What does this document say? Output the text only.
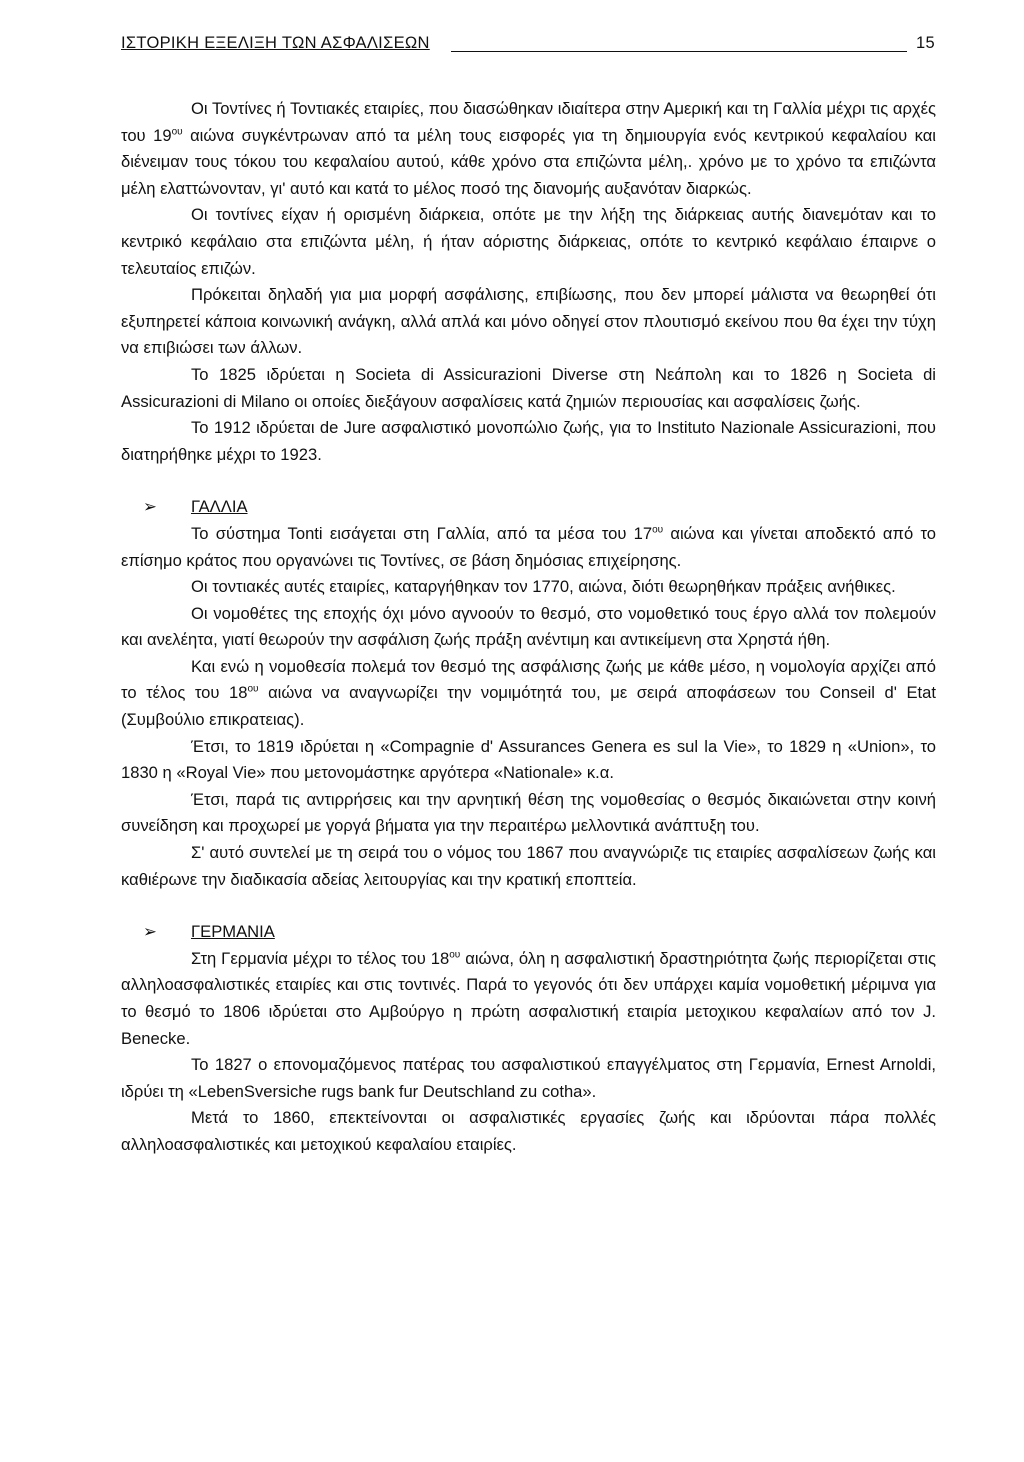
ΙΣΤΟΡΙΚΗ ΕΞΕΛΙΞΗ ΤΩΝ ΑΣΦΑΛΙΣΕΩΝ	15

Οι Τοντίνες ή Τοντιακές εταιρίες, που διασώθηκαν ιδιαίτερα στην Αμερική και τη Γαλλία μέχρι τις αρχές του $19^{o\upsilon}$ αιώνα συγκέντρωναν από τα μέλη τους εισφορές για τη δημιουργία ενός κεντρικού κεφαλαίου και διένειμαν τους τόκου του κεφαλαίου αυτού, κάθε χρόνο στα επιζώντα μέλη,. χρόνο με το χρόνο τα επιζώντα μέλη ελαττώνονταν, γι' αυτό και κατά το μέλος ποσό της διανομής αυξανόταν διαρκώς.

Οι τοντίνες είχαν ή ορισμένη διάρκεια, οπότε με την λήξη της διάρκειας αυτής διανεμόταν και το κεντρικό κεφάλαιο στα επιζώντα μέλη, ή ήταν αόριστης διάρκειας, οπότε το κεντρικό κεφάλαιο έπαιρνε ο τελευταίος επιζών.

Πρόκειται δηλαδή για μια μορφή ασφάλισης, επιβίωσης, που δεν μπορεί μάλιστα να θεωρηθεί ότι εξυπηρετεί κάποια κοινωνική ανάγκη, αλλά απλά και μόνο οδηγεί στον πλουτισμό εκείνου που θα έχει την τύχη να επιβιώσει των άλλων.

Το 1825 ιδρύεται η Societa di Assicurazioni Diverse στη Νεάπολη και το 1826 η Societa di Assicurazioni di Milano οι οποίες διεξάγουν ασφαλίσεις κατά ζημιών περιουσίας και ασφαλίσεις ζωής.

Το 1912 ιδρύεται de Jure ασφαλιστικό μονοπώλιο ζωής, για το Instituto Nazionale Assicurazioni, που διατηρήθηκε μέχρι το 1923.

➢ ΓΑΛΛΙΑ

Το σύστημα Tonti εισάγεται στη Γαλλία, από τα μέσα του $17^{o\upsilon}$ αιώνα και γίνεται αποδεκτό από το επίσημο κράτος που οργανώνει τις Τοντίνες, σε βάση δημόσιας επιχείρησης.

Οι τοντιακές αυτές εταιρίες, καταργήθηκαν τον 1770, αιώνα, διότι θεωρηθήκαν πράξεις ανήθικες.

Οι νομοθέτες της εποχής όχι μόνο αγνοούν το θεσμό, στο νομοθετικό τους έργο αλλά τον πολεμούν και ανελέητα, γιατί θεωρούν την ασφάλιση ζωής πράξη ανέντιμη και αντικείμενη στα Χρηστά ήθη.

Και ενώ η νομοθεσία πολεμά τον θεσμό της ασφάλισης ζωής με κάθε μέσο, η νομολογία αρχίζει από το τέλος του $18^{o\upsilon}$ αιώνα να αναγνωρίζει την νομιμότητά του, με σειρά αποφάσεων του Conseil d' Etat (Συμβούλιο επικρατειας).

Έτσι, το 1819 ιδρύεται η «Compagnie d' Assurances Genera es sul la Vie», το 1829 η «Union», το 1830 η «Royal Vie» που μετονομάστηκε αργότερα «Nationale» κ.α.

Έτσι, παρά τις αντιρρήσεις και την αρνητική θέση της νομοθεσίας ο θεσμός δικαιώνεται στην κοινή συνείδηση και προχωρεί με γοργά βήματα για την περαιτέρω μελλοντικά ανάπτυξη του.

Σ' αυτό συντελεί με τη σειρά του ο νόμος του 1867 που αναγνώριζε τις εταιρίες ασφαλίσεων ζωής και καθιέρωνε την διαδικασία αδείας λειτουργίας και την κρατική εποπτεία.

➢ ΓΕΡΜΑΝΙΑ

Στη Γερμανία μέχρι το τέλος του $18^{o\upsilon}$ αιώνα, όλη η ασφαλιστική δραστηριότητα ζωής περιορίζεται στις αλληλοασφαλιστικές εταιρίες και στις τοντινές. Παρά το γεγονός ότι δεν υπάρχει καμία νομοθετική μέριμνα για το θεσμό το 1806 ιδρύεται στο Αμβούργο η πρώτη ασφαλιστική εταιρία μετοχικου κεφαλαίων από τον J. Benecke.

Το 1827 ο επονομαζόμενος πατέρας του ασφαλιστικού επαγγέλματος στη Γερμανία, Ernest Arnoldi, ιδρύει τη «LebenSversiche rugs bank fur Deutschland zu cotha».

Μετά το 1860, επεκτείνονται οι ασφαλιστικές εργασίες ζωής και ιδρύονται πάρα πολλές αλληλοασφαλιστικές και μετοχικού κεφαλαίου εταιρίες.
